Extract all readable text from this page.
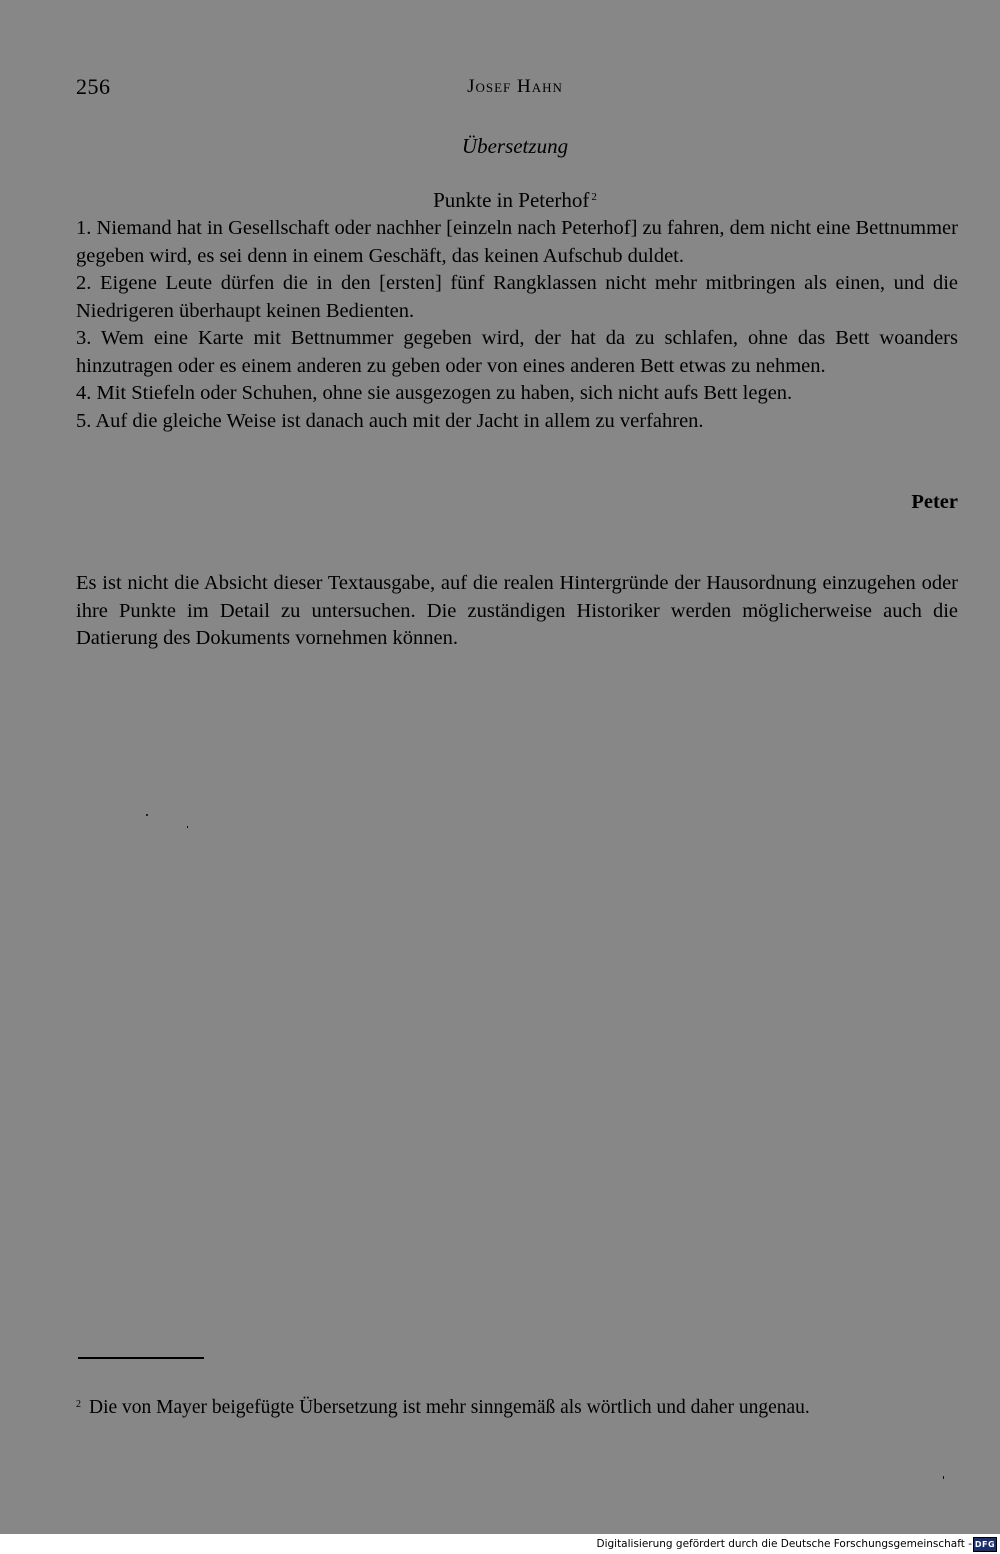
256	Josef Hahn
Übersetzung
Punkte in Peterhof $^2$

1. Niemand hat in Gesellschaft oder nachher [einzeln nach Peterhof] zu fahren, dem nicht eine Bettnummer gegeben wird, es sei denn in einem Geschäft, das keinen Aufschub duldet.

2. Eigene Leute dürfen die in den [ersten] fünf Rangklassen nicht mehr mitbringen als einen, und die Niedrigeren überhaupt keinen Bedienten.

3. Wem eine Karte mit Bettnummer gegeben wird, der hat da zu schlafen, ohne das Bett woanders hinzutragen oder es einem anderen zu geben oder von eines anderen Bett etwas zu nehmen.

4. Mit Stiefeln oder Schuhen, ohne sie ausgezogen zu haben, sich nicht aufs Bett legen.

5. Auf die gleiche Weise ist danach auch mit der Jacht in allem zu verfahren.

Peter

Es ist nicht die Absicht dieser Textausgabe, auf die realen Hintergründe der Hausordnung einzugehen oder ihre Punkte im Detail zu untersuchen. Die zuständigen Historiker werden möglicherweise auch die Datierung des Dokuments vornehmen können.

$^2$ Die von Mayer beigefügte Übersetzung ist mehr sinngemäß als wörtlich und daher ungenau.
Digitalisierung gefördert durch die Deutsche Forschungsgemeinschaft - DFG
